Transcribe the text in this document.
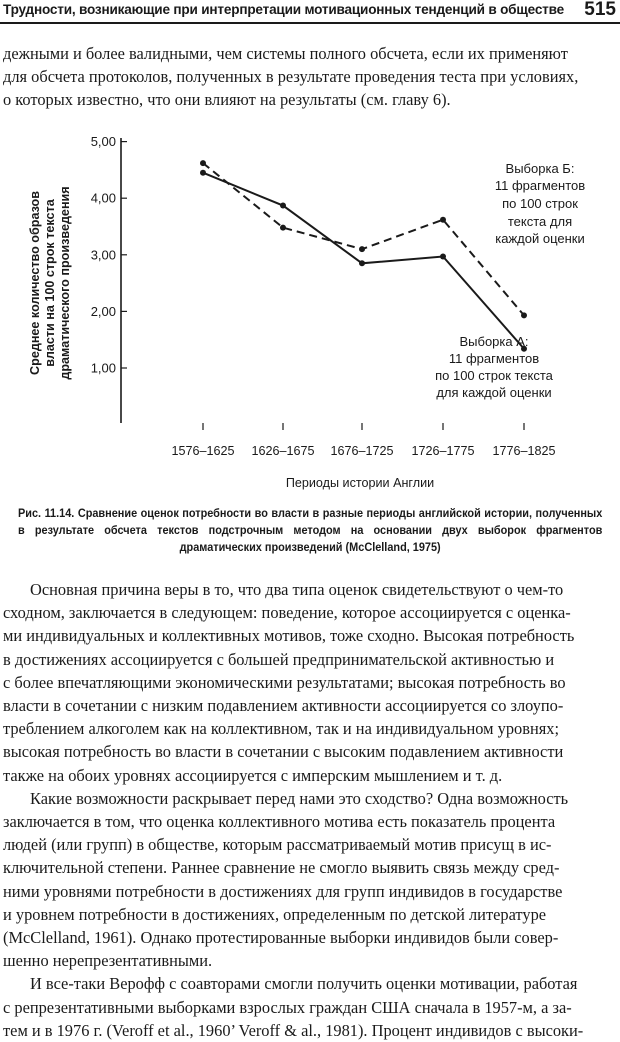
Трудности, возникающие при интерпретации мотивационных тенденций в обществе 515

дежными и более валидными, чем системы полного обсчета, если их применяют

для обсчета протоколов, полученных в результате проведения теста при условиях,

о которых известно, что они влияют на результаты (см. главу 6).

5,00
4,00
3,00
2,00
1,00
1576–1625 1626–1675 1676–1725 1726–1775 1776–1825
Выборка Б:
11 фрагментов
по 100 строк
текста для
каждой оценки
Выборка А:
11 фрагментов
по 100 строк текста
для каждой оценки
Среднее количество образов власти на 100 строк текста драматического произведения
Периоды истории Англии

Рис. 11.14. Сравнение оценок потребности во власти в разные периоды английской истории, полученных в результате обсчета текстов подстрочным методом на основании двух выборок фрагментов драматических произведений (McClelland, 1975)

Основная причина веры в то, что два типа оценок свидетельствуют о чем-то

сходном, заключается в следующем: поведение, которое ассоциируется с оценка-

ми индивидуальных и коллективных мотивов, тоже сходно. Высокая потребность

в достижениях ассоциируется с большей предпринимательской активностью и

с более впечатляющими экономическими результатами; высокая потребность во

власти в сочетании с низким подавлением активности ассоциируется со злоупо-

треблением алкоголем как на коллективном, так и на индивидуальном уровнях;

высокая потребность во власти в сочетании с высоким подавлением активности

также на обоих уровнях ассоциируется с имперским мышлением и т. д.

Какие возможности раскрывает перед нами это сходство? Одна возможность

заключается в том, что оценка коллективного мотива есть показатель процента

людей (или групп) в обществе, которым рассматриваемый мотив присущ в ис-

ключительной степени. Раннее сравнение не смогло выявить связь между сред-

ними уровнями потребности в достижениях для групп индивидов в государстве

и уровнем потребности в достижениях, определенным по детской литературе

(McClelland, 1961). Однако протестированные выборки индивидов были совер-

шенно нерепрезентативными.

И все-таки Верофф с соавторами смогли получить оценки мотивации, работая

с репрезентативными выборками взрослых граждан США сначала в 1957-м, а за-

тем и в 1976 г. (Veroff et al., 1960’ Veroff & al., 1981). Процент индивидов с высоки-
